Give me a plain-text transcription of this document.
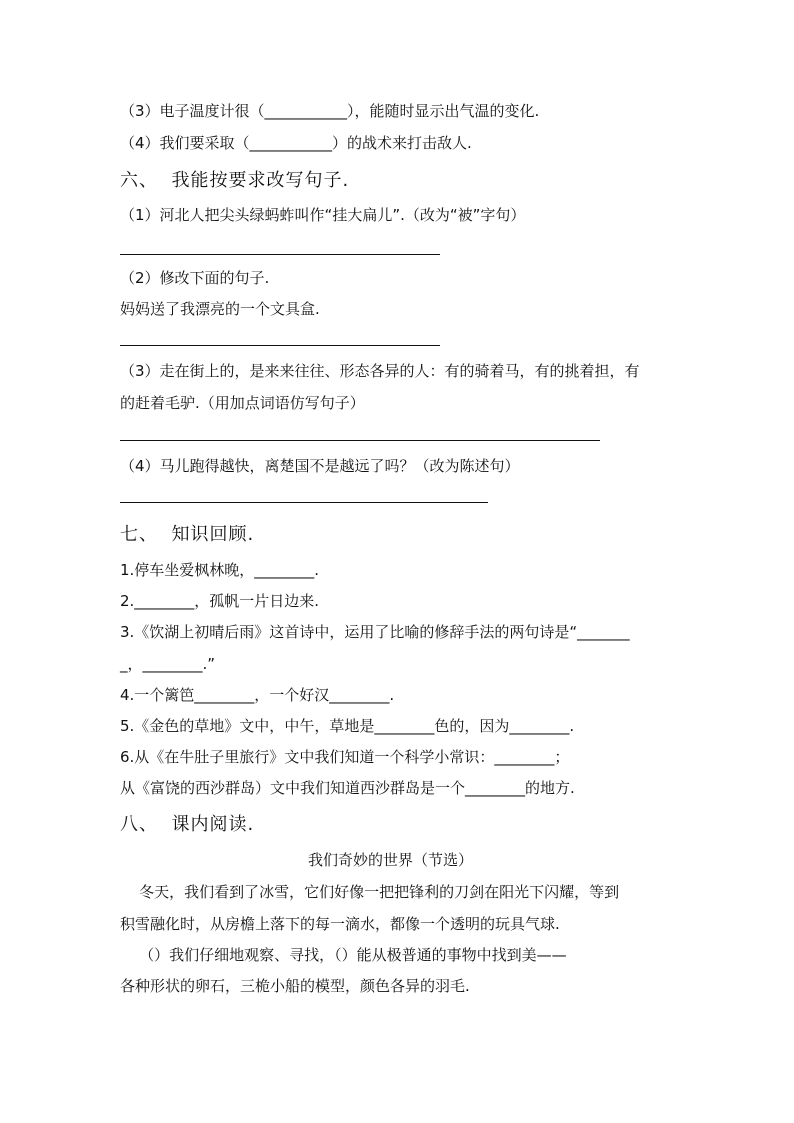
（3）电子温度计很（___________），能随时显示出气温的变化.
（4）我们要采取（___________）的战术来打击敌人.
六、  我能按要求改写句子.
（1）河北人把尖头绿蚂蚱叫作“挂大扁儿”.（改为“被”字句）
（2）修改下面的句子.
妈妈送了我漂亮的一个文具盒.
（3）走在街上的，是来来往往、形态各异的人：有的骑着马，有的挑着担，有
的赶着毛驴.（用加点词语仿写句子）
（4）马儿跑得越快，离楚国不是越远了吗？（改为陈述句）
七、  知识回顾.
1.停车坐爱枫林晚，________.
2.________，孤帆一片日边来.
3.《饮湖上初晴后雨》这首诗中，运用了比喻的修辞手法的两句诗是“_______
_，________.”
4.一个篱笆________，一个好汉________.
5.《金色的草地》文中，中午，草地是________色的，因为________.
6.从《在牛肚子里旅行》文中我们知道一个科学小常识：________；
从《富饶的西沙群岛）文中我们知道西沙群岛是一个________的地方.
八、  课内阅读.
我们奇妙的世界（节选）
冬天，我们看到了冰雪，它们好像一把把锋利的刀剑在阳光下闪耀，等到
积雪融化时，从房檐上落下的每一滴水，都像一个透明的玩具气球.
（）我们仔细地观察、寻找，（）能从极普通的事物中找到美——
各种形状的卵石，三桅小船的模型，颜色各异的羽毛.
